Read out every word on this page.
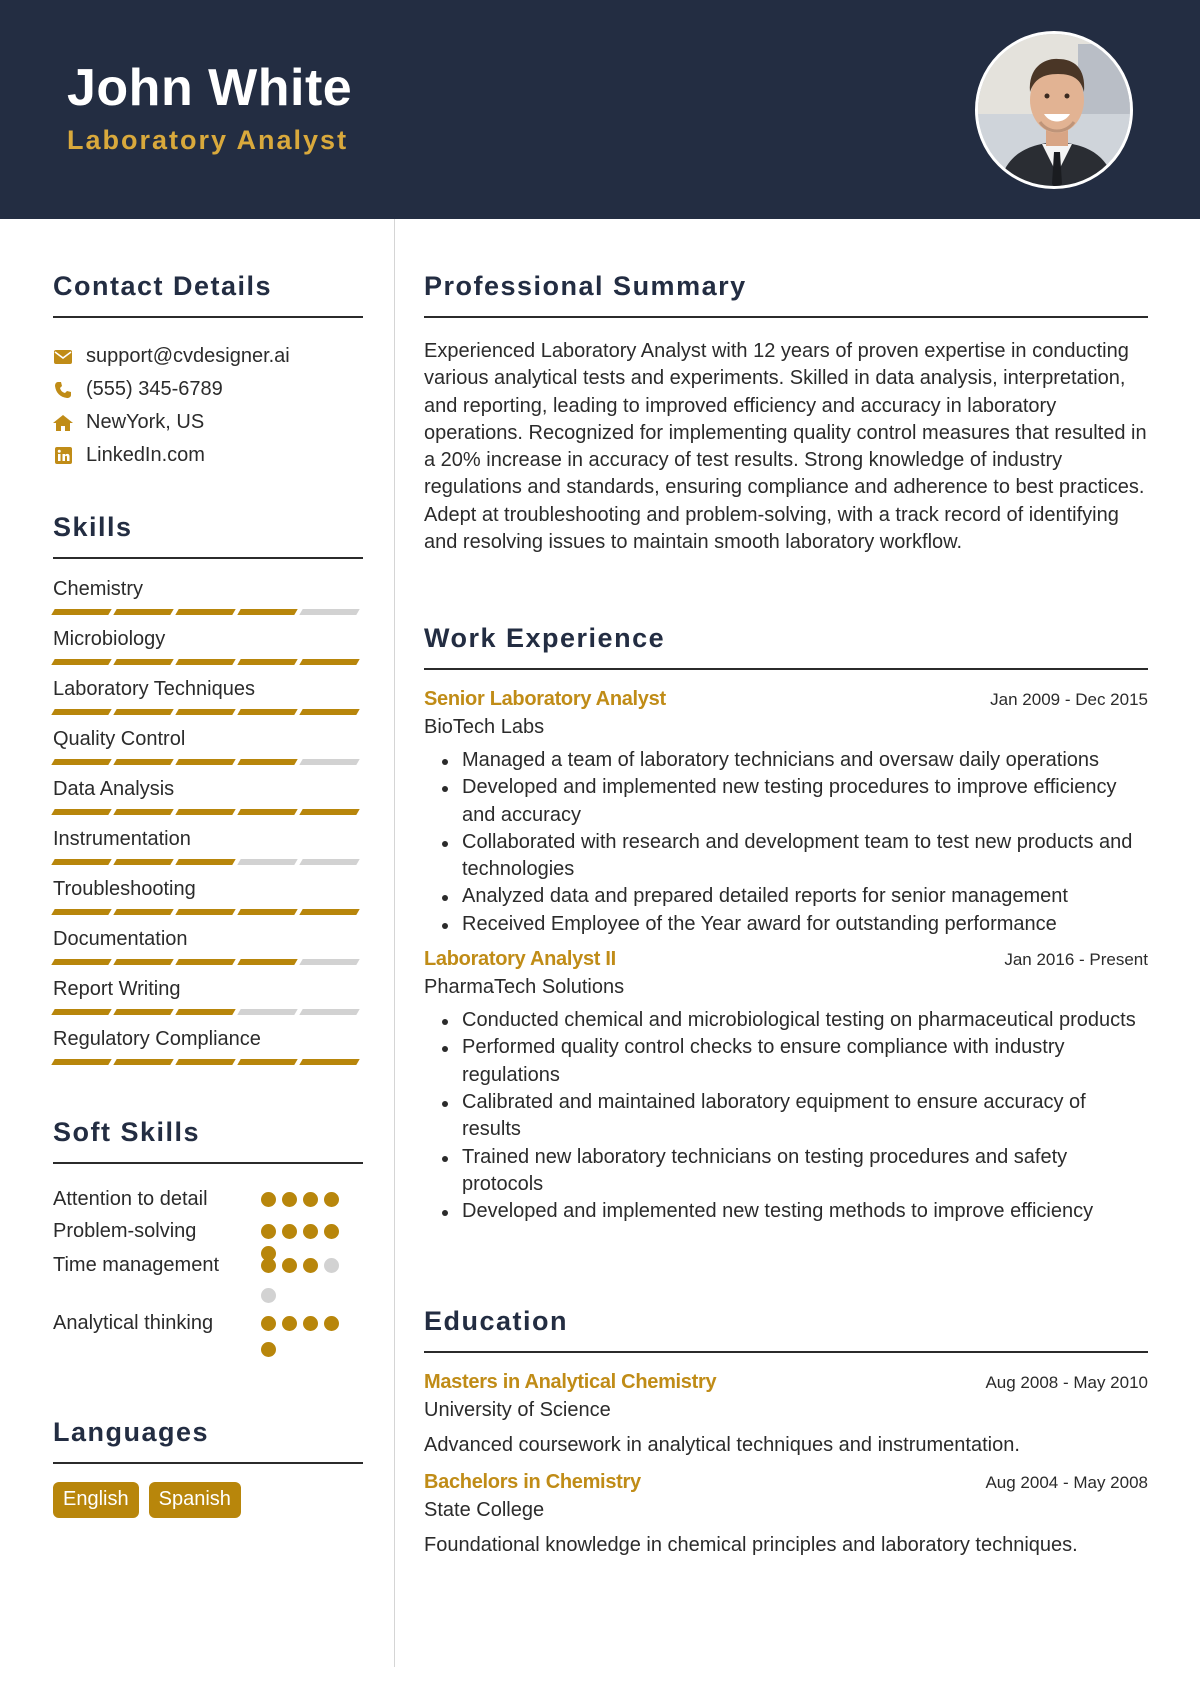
John White
Laboratory Analyst
Contact Details
support@cvdesigner.ai
(555) 345-6789
NewYork, US
LinkedIn.com
Skills
Chemistry
Microbiology
Laboratory Techniques
Quality Control
Data Analysis
Instrumentation
Troubleshooting
Documentation
Report Writing
Regulatory Compliance
Soft Skills
Attention to detail
Problem-solving
Time management
Analytical thinking
Languages
English	Spanish
Professional Summary

Experienced Laboratory Analyst with 12 years of proven expertise in conducting various analytical tests and experiments. Skilled in data analysis, interpretation, and reporting, leading to improved efficiency and accuracy in laboratory operations. Recognized for implementing quality control measures that resulted in a 20% increase in accuracy of test results. Strong knowledge of industry regulations and standards, ensuring compliance and adherence to best practices. Adept at troubleshooting and problem-solving, with a track record of identifying and resolving issues to maintain smooth laboratory workflow.

Work Experience
Senior Laboratory Analyst	Jan 2009 - Dec 2015
BioTech Labs
Managed a team of laboratory technicians and oversaw daily operations
Developed and implemented new testing procedures to improve efficiency and accuracy
Collaborated with research and development team to test new products and technologies
Analyzed data and prepared detailed reports for senior management
Received Employee of the Year award for outstanding performance
Laboratory Analyst II	Jan 2016 - Present
PharmaTech Solutions
Conducted chemical and microbiological testing on pharmaceutical products
Performed quality control checks to ensure compliance with industry regulations
Calibrated and maintained laboratory equipment to ensure accuracy of results
Trained new laboratory technicians on testing procedures and safety protocols
Developed and implemented new testing methods to improve efficiency
Education
Masters in Analytical Chemistry	Aug 2008 - May 2010
University of Science
Advanced coursework in analytical techniques and instrumentation.
Bachelors in Chemistry	Aug 2004 - May 2008
State College
Foundational knowledge in chemical principles and laboratory techniques.
